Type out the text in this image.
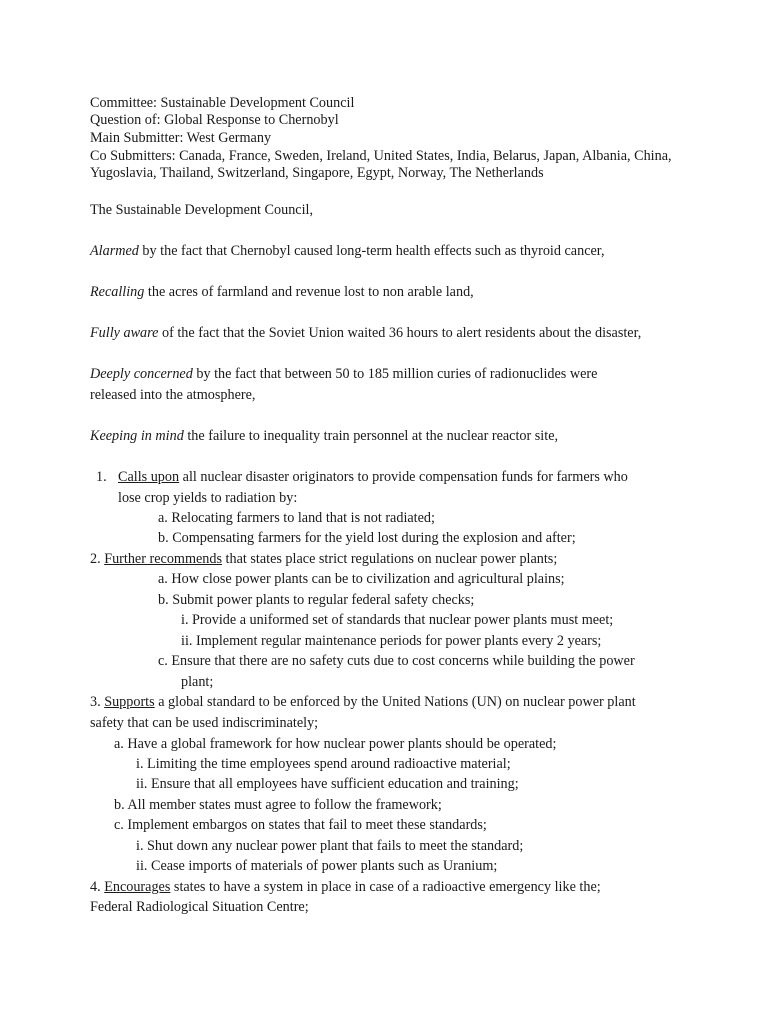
Committee: Sustainable Development Council
Question of: Global Response to Chernobyl
Main Submitter: West Germany
Co Submitters: Canada, France, Sweden, Ireland, United States, India, Belarus, Japan, Albania, China,
Yugoslavia, Thailand, Switzerland, Singapore, Egypt, Norway, The Netherlands
The Sustainable Development Council,
Alarmed by the fact that Chernobyl caused long-term health effects such as thyroid cancer,
Recalling the acres of farmland and revenue lost to non arable land,
Fully aware of the fact that the Soviet Union waited 36 hours to alert residents about the disaster,
Deeply concerned by the fact that between 50 to 185 million curies of radionuclides were
released into the atmosphere,
Keeping in mind the failure to inequality train personnel at the nuclear reactor site,
1. Calls upon all nuclear disaster originators to provide compensation funds for farmers who
lose crop yields to radiation by:
a. Relocating farmers to land that is not radiated;
b. Compensating farmers for the yield lost during the explosion and after;
2. Further recommends that states place strict regulations on nuclear power plants;
a. How close power plants can be to civilization and agricultural plains;
b. Submit power plants to regular federal safety checks;
i. Provide a uniformed set of standards that nuclear power plants must meet;
ii. Implement regular maintenance periods for power plants every 2 years;
c. Ensure that there are no safety cuts due to cost concerns while building the power
plant;
3. Supports a global standard to be enforced by the United Nations (UN) on nuclear power plant
safety that can be used indiscriminately;
a. Have a global framework for how nuclear power plants should be operated;
i. Limiting the time employees spend around radioactive material;
ii. Ensure that all employees have sufficient education and training;
b. All member states must agree to follow the framework;
c. Implement embargos on states that fail to meet these standards;
i. Shut down any nuclear power plant that fails to meet the standard;
ii. Cease imports of materials of power plants such as Uranium;
4. Encourages states to have a system in place in case of a radioactive emergency like the;
Federal Radiological Situation Centre;
